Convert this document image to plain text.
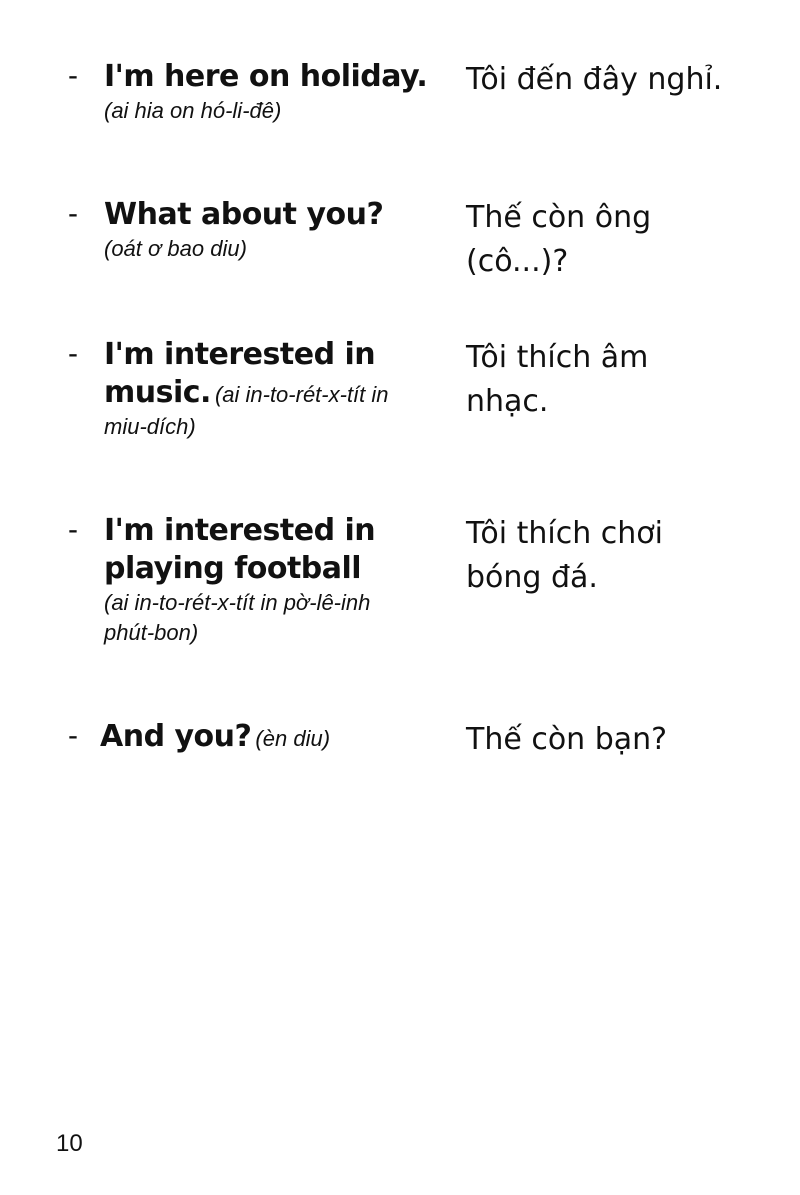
- I'm here on holiday.
(ai hia on hó-li-đê)
Tôi đến đây nghỉ.
- What about you?
(oát ơ bao diu)
Thế còn ông (cô...)?
- I'm interested in music. (ai in-to-rét-x-tít in miu-dích)
Tôi thích âm nhạc.
- I'm interested in playing football
(ai in-to-rét-x-tít in pờ-lê-inh phút-bon)
Tôi thích chơi bóng đá.
- And you? (èn diu)	Thế còn bạn?
10
